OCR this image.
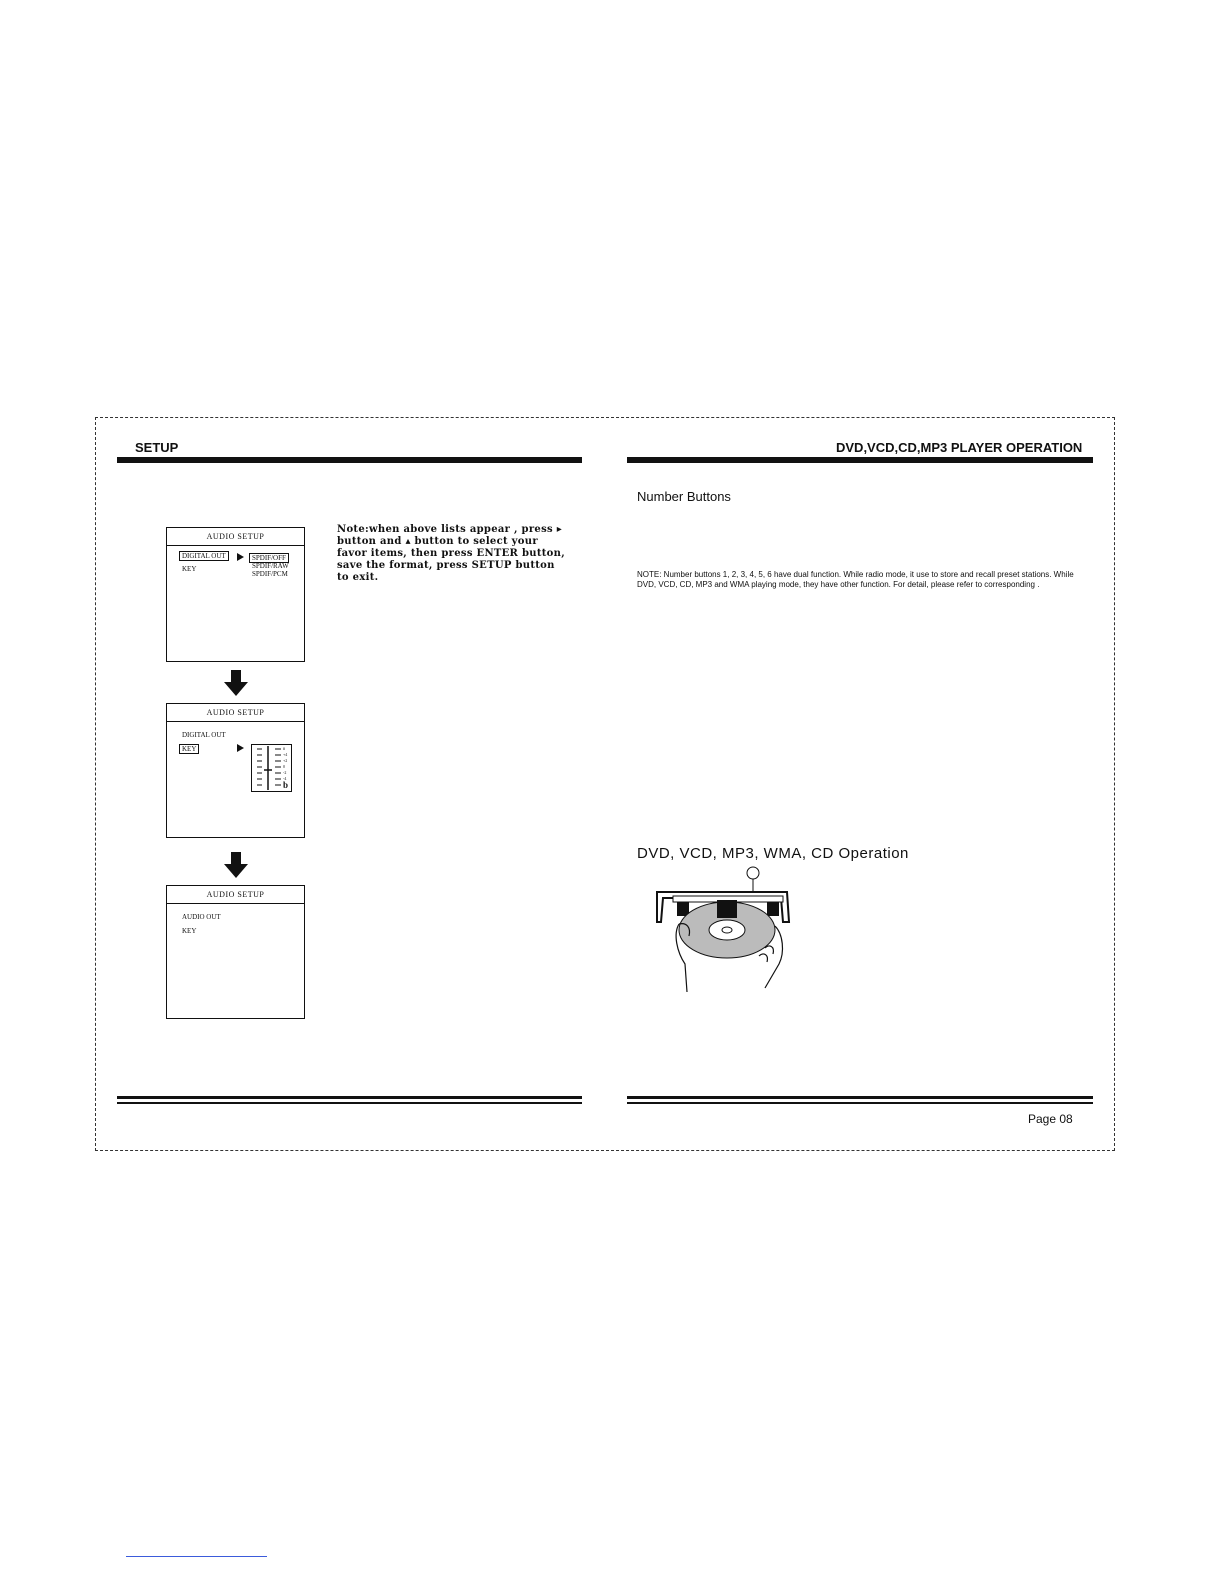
SETUP
AUDIO SETUP
DIGITAL OUT
KEY
SPDIF/OFF
SPDIF/RAW
SPDIF/PCM
AUDIO SETUP
DIGITAL OUT
KEY	#
+4
+2
0
-2
-4
b
AUDIO SETUP
AUDIO OUT
KEY
Note:when above lists appear , press ▸ button and ▴ button to select your favor items, then press ENTER button, save the format, press SETUP button to exit.
DVD,VCD,CD,MP3 PLAYER OPERATION
Number Buttons
NOTE: Number buttons 1, 2, 3, 4, 5, 6 have dual function. While radio mode, it use to store and recall preset stations. While DVD, VCD, CD, MP3 and WMA playing mode, they have other function. For detail, please refer to corresponding .
DVD, VCD, MP3, WMA, CD Operation
Page 08
